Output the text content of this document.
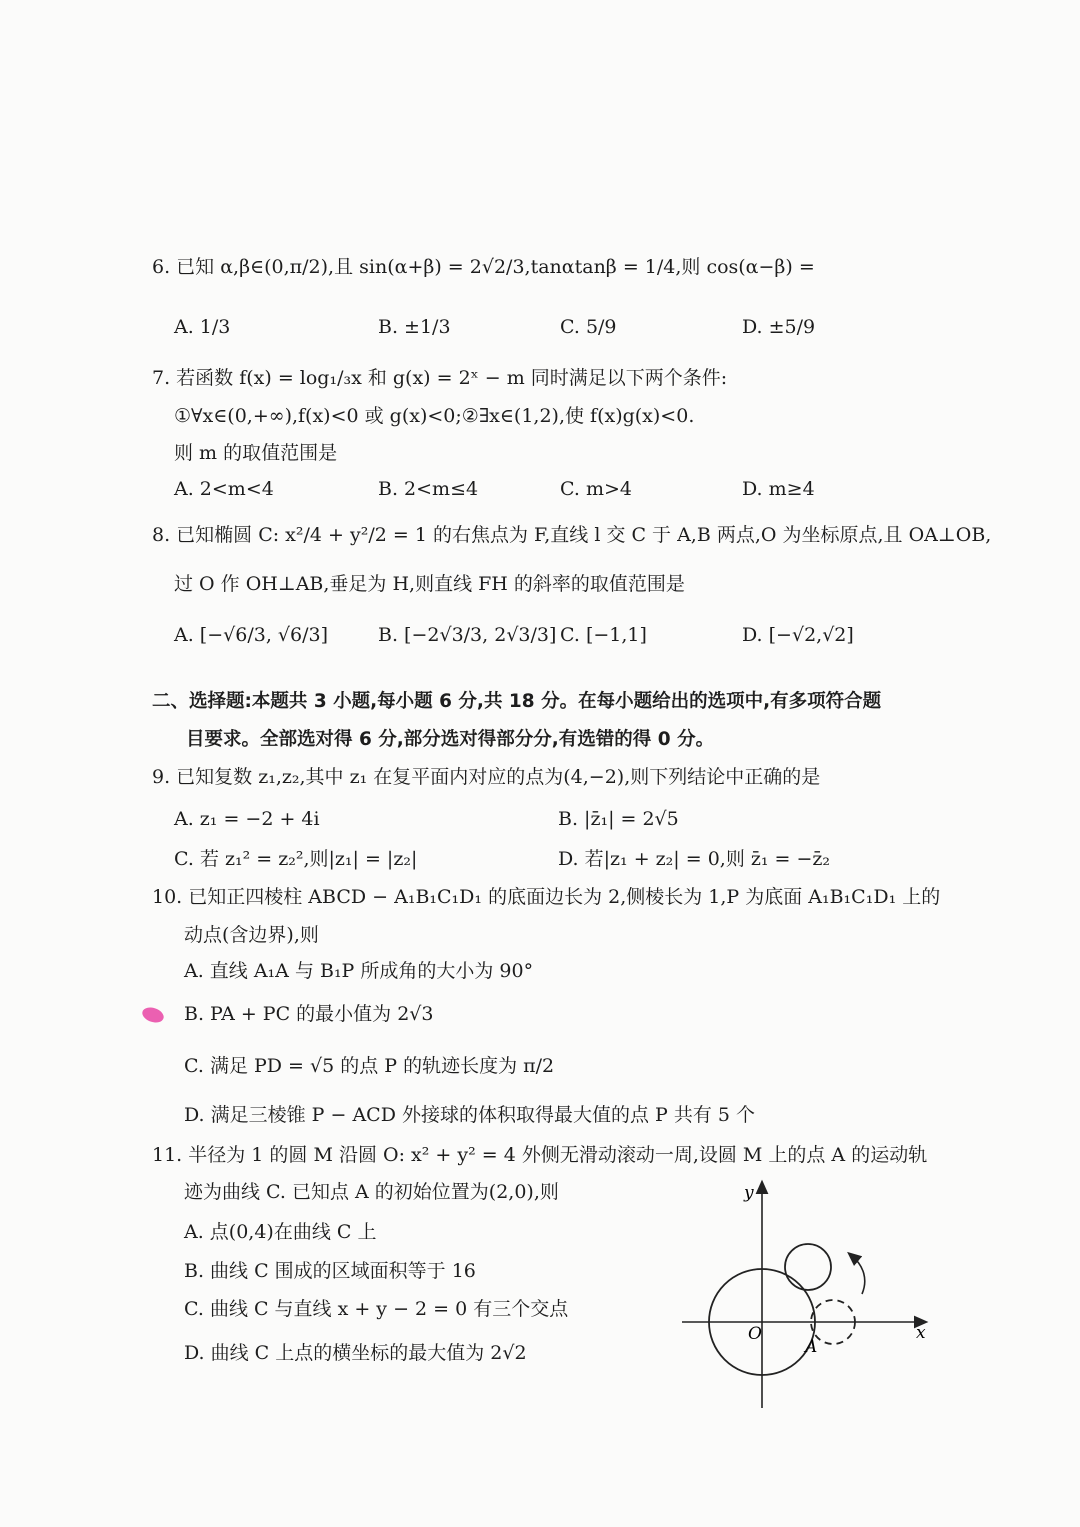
6. 已知 α,β∈(0,π/2),且 sin(α+β) = 2√2/3,tanαtanβ = 1/4,则 cos(α−β) =
A. 1/3	B. ±1/3	C. 5/9	D. ±5/9
7. 若函数 f(x) = log₁/₃x 和 g(x) = 2ˣ − m 同时满足以下两个条件:
①∀x∈(0,+∞),f(x)<0 或 g(x)<0;②∃x∈(1,2),使 f(x)g(x)<0.
则 m 的取值范围是
A. 2<m<4	B. 2<m≤4	C. m>4	D. m≥4
8. 已知椭圆 C: x²/4 + y²/2 = 1 的右焦点为 F,直线 l 交 C 于 A,B 两点,O 为坐标原点,且 OA⊥OB,
过 O 作 OH⊥AB,垂足为 H,则直线 FH 的斜率的取值范围是
A. [−√6/3, √6/3]	B. [−2√3/3, 2√3/3] C. [−1,1]	D. [−√2,√2]
二、选择题:本题共 3 小题,每小题 6 分,共 18 分。在每小题给出的选项中,有多项符合题
目要求。全部选对得 6 分,部分选对得部分分,有选错的得 0 分。
9. 已知复数 z₁,z₂,其中 z₁ 在复平面内对应的点为(4,−2),则下列结论中正确的是
A. z₁ = −2 + 4i	B. |z̄₁| = 2√5
C. 若 z₁² = z₂²,则|z₁| = |z₂|	D. 若|z₁ + z₂| = 0,则 z̄₁ = −z̄₂
10. 已知正四棱柱 ABCD − A₁B₁C₁D₁ 的底面边长为 2,侧棱长为 1,P 为底面 A₁B₁C₁D₁ 上的
动点(含边界),则
A. 直线 A₁A 与 B₁P 所成角的大小为 90°
B. PA + PC 的最小值为 2√3
C. 满足 PD = √5 的点 P 的轨迹长度为 π/2
D. 满足三棱锥 P − ACD 外接球的体积取得最大值的点 P 共有 5 个
11. 半径为 1 的圆 M 沿圆 O: x² + y² = 4 外侧无滑动滚动一周,设圆 M 上的点 A 的运动轨
迹为曲线 C. 已知点 A 的初始位置为(2,0),则
A. 点(0,4)在曲线 C 上
B. 曲线 C 围成的区域面积等于 16
C. 曲线 C 与直线 x + y − 2 = 0 有三个交点
D. 曲线 C 上点的横坐标的最大值为 2√2
x
y
O
A
